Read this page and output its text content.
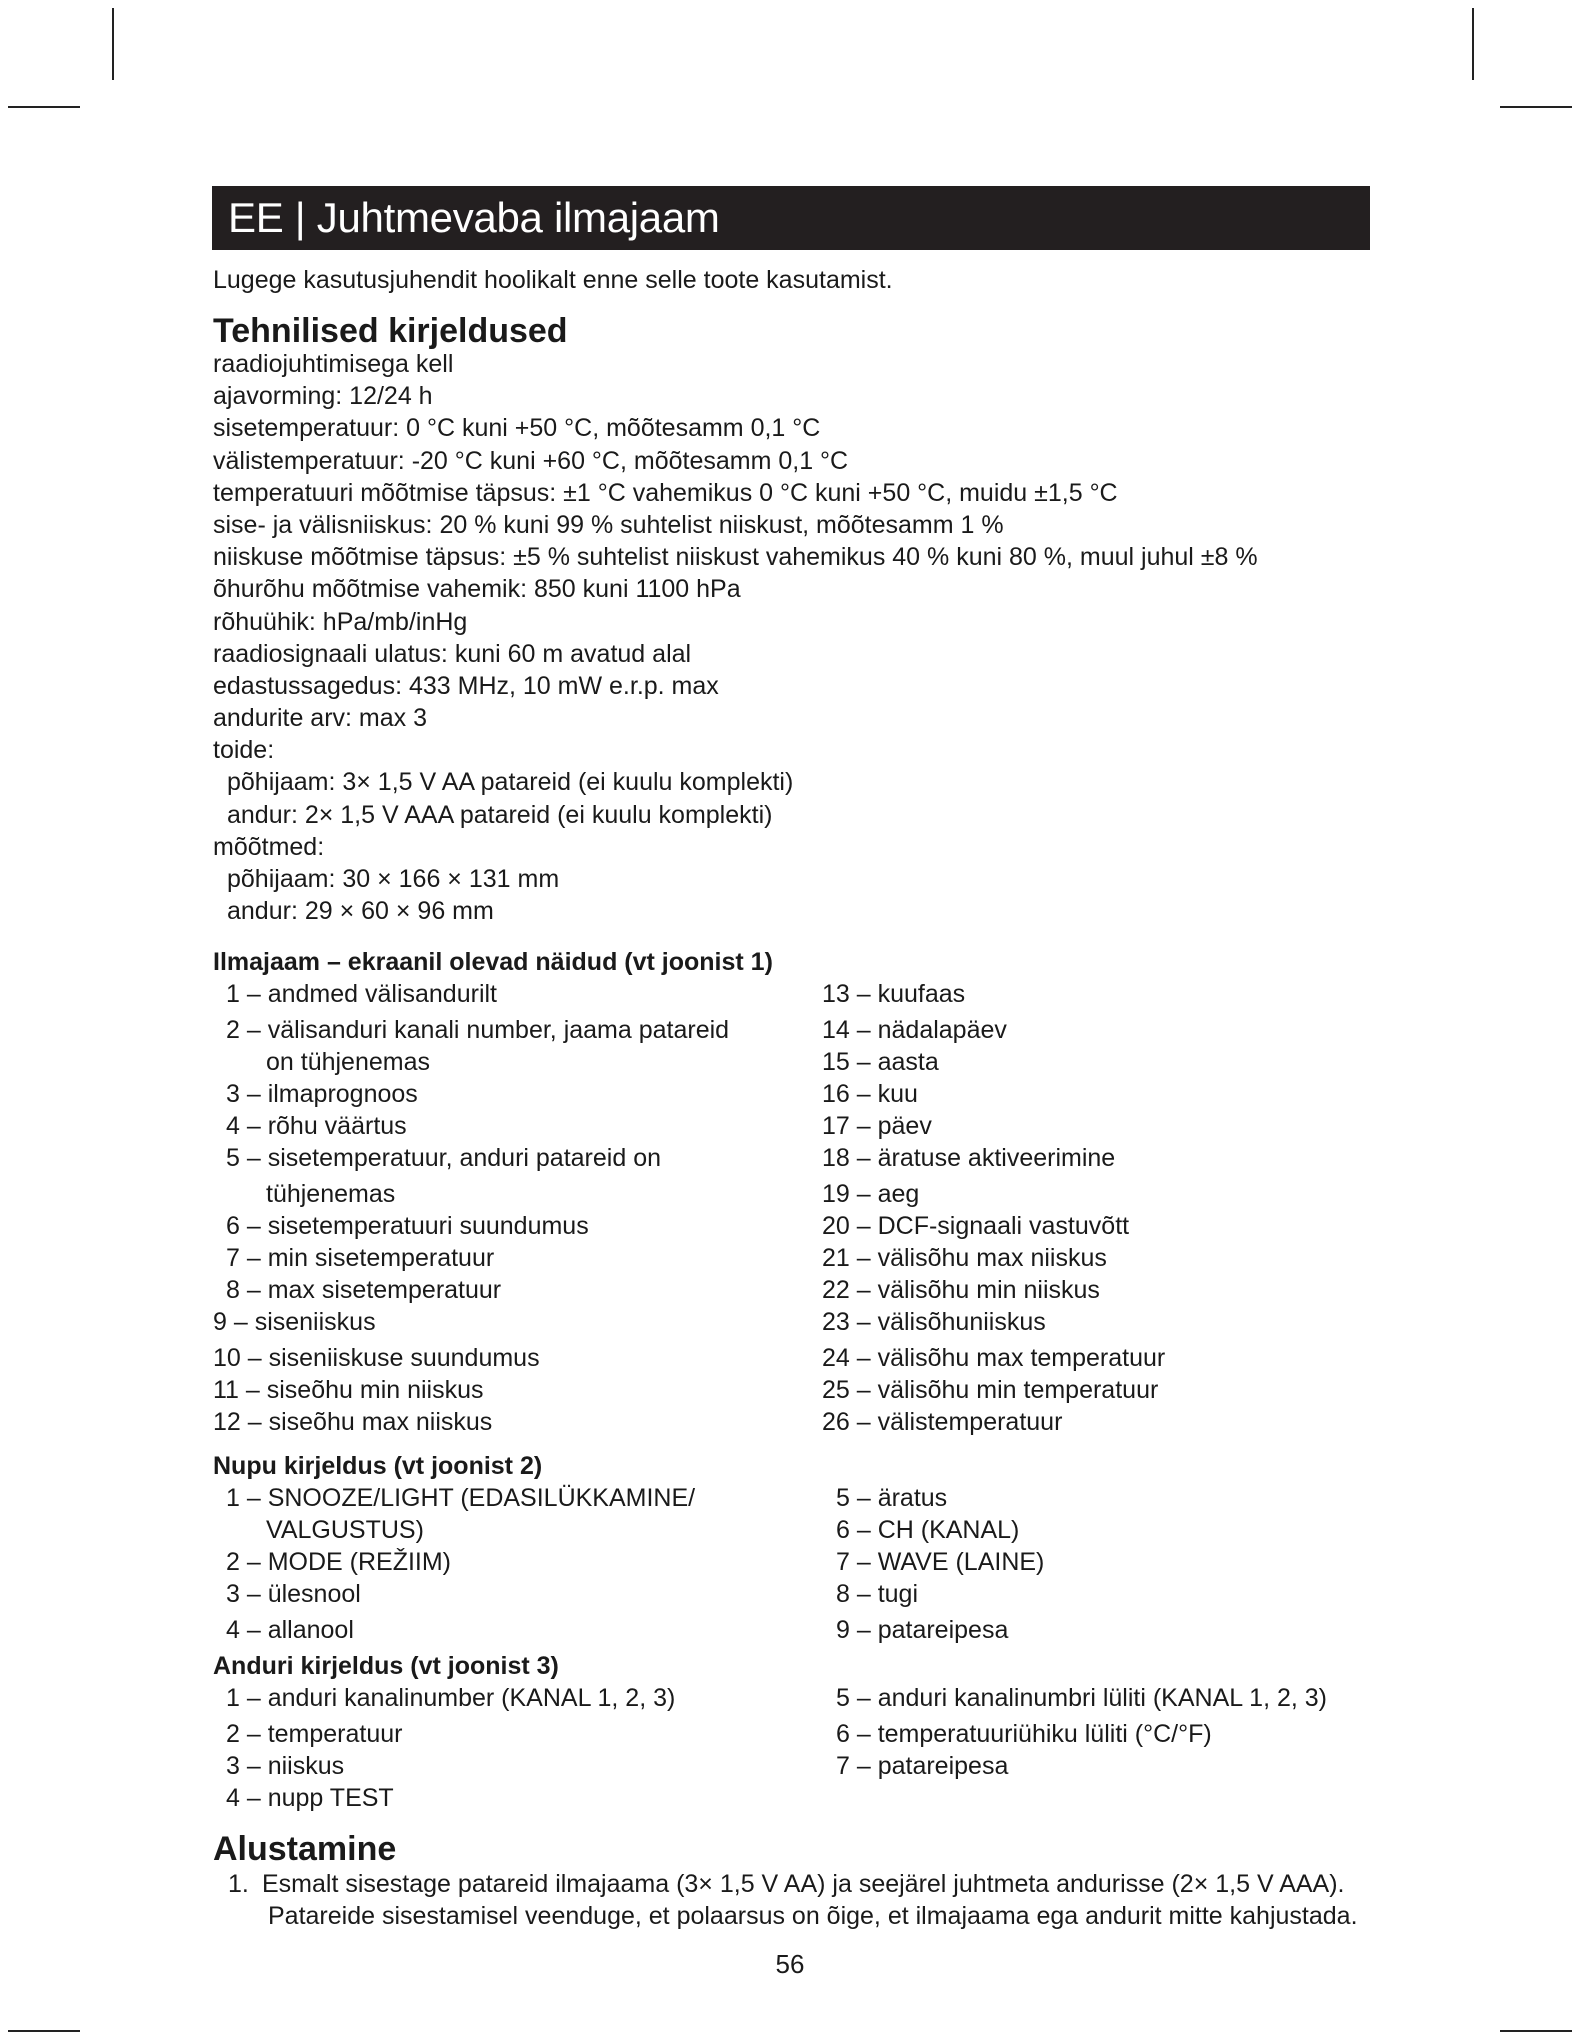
EE | Juhtmevaba ilmajaam
Lugege kasutusjuhendit hoolikalt enne selle toote kasutamist.
Tehnilised kirjeldused
raadiojuhtimisega kell
ajavorming: 12/24 h
sisetemperatuur: 0 °C kuni +50 °C, mõõtesamm 0,1 °C
välistemperatuur: -20 °C kuni +60 °C, mõõtesamm 0,1 °C
temperatuuri mõõtmise täpsus: ±1 °C vahemikus 0 °C kuni +50 °C, muidu ±1,5 °C
sise- ja välisniiskus: 20 % kuni 99 % suhtelist niiskust, mõõtesamm 1 %
niiskuse mõõtmise täpsus: ±5 % suhtelist niiskust vahemikus 40 % kuni 80 %, muul juhul ±8 %
õhurõhu mõõtmise vahemik: 850 kuni 1100 hPa
rõhuühik: hPa/mb/inHg
raadiosignaali ulatus: kuni 60 m avatud alal
edastussagedus: 433 MHz, 10 mW e.r.p. max
andurite arv: max 3
toide:
põhijaam: 3× 1,5 V AA patareid (ei kuulu komplekti)
andur: 2× 1,5 V AAA patareid (ei kuulu komplekti)
mõõtmed:
põhijaam: 30 × 166 × 131 mm
andur: 29 × 60 × 96 mm
Ilmajaam – ekraanil olevad näidud (vt joonist 1)
1 – andmed välisandurilt
2 – välisanduri kanali number, jaama patareid
on tühjenemas
3 – ilmaprognoos
4 – rõhu väärtus
5 – sisetemperatuur, anduri patareid on
tühjenemas
6 – sisetemperatuuri suundumus
7 – min sisetemperatuur
8 – max sisetemperatuur
9 – siseniiskus
10 – siseniiskuse suundumus
11 – siseõhu min niiskus
12 – siseõhu max niiskus
13 – kuufaas
14 – nädalapäev
15 – aasta
16 – kuu
17 – päev
18 – äratuse aktiveerimine
19 – aeg
20 – DCF-signaali vastuvõtt
21 – välisõhu max niiskus
22 – välisõhu min niiskus
23 – välisõhuniiskus
24 – välisõhu max temperatuur
25 – välisõhu min temperatuur
26 – välistemperatuur
Nupu kirjeldus (vt joonist 2)
1 – SNOOZE/LIGHT (EDASILÜKKAMINE/
VALGUSTUS)
2 – MODE (REŽIIM)
3 – ülesnool
4 – allanool
5 – äratus
6 – CH (KANAL)
7 – WAVE (LAINE)
8 – tugi
9 – patareipesa
Anduri kirjeldus (vt joonist 3)
1 – anduri kanalinumber (KANAL 1, 2, 3)
2 – temperatuur
3 – niiskus
4 – nupp TEST
5 – anduri kanalinumbri lüliti (KANAL 1, 2, 3)
6 – temperatuuriühiku lüliti (°C/°F)
7 – patareipesa
Alustamine
1. Esmalt sisestage patareid ilmajaama (3× 1,5 V AA) ja seejärel juhtmeta andurisse (2× 1,5 V AAA).
Patareide sisestamisel veenduge, et polaarsus on õige, et ilmajaama ega andurit mitte kahjustada.
56
